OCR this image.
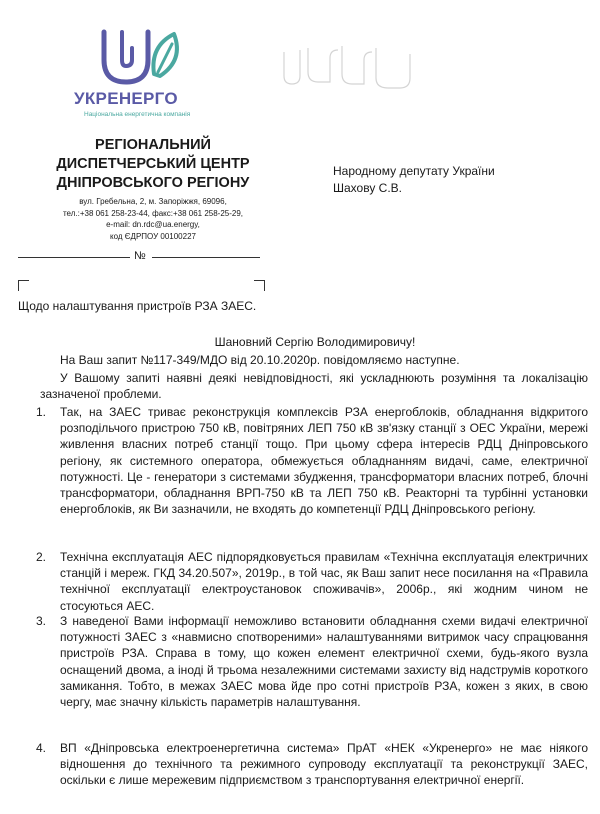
УКРЕНЕРГО
Національна енергетична компанія
РЕГІОНАЛЬНИЙ
ДИСПЕТЧЕРСЬКИЙ ЦЕНТР
ДНІПРОВСЬКОГО РЕГІОНУ
вул. Гребельна, 2, м. Запоріжжя, 69096,
тел.:+38 061 258-23-44, факс:+38 061 258-25-29,
e-mail: dn.rdc@ua.energy,
код ЄДРПОУ 00100227
Народному депутату України
Шахову С.В.
№
Щодо налаштування пристроїв РЗА ЗАЕС.
Шановний Сергію Володимировичу!
На Ваш запит №117-349/МДО від 20.10.2020р. повідомляємо наступне.
У Вашому запиті наявні деякі невідповідності, які ускладнюють розуміння та локалізацію зазначеної проблеми.
1.	Так, на ЗАЕС триває реконструкція комплексів РЗА енергоблоків, обладнання відкритого розподільчого пристрою 750 кВ, повітряних ЛЕП 750 кВ зв'язку станції з ОЕС України, мережі живлення власних потреб станції тощо. При цьому сфера інтересів РДЦ Дніпровського регіону, як системного оператора, обмежується обладнанням видачі, саме, електричної потужності. Це - генератори з системами збудження, трансформатори власних потреб, блочні трансформатори, обладнання ВРП-750 кВ та ЛЕП 750 кВ. Реакторні та турбінні установки енергоблоків, як Ви зазначили, не входять до компетенції РДЦ Дніпровського регіону.
2.	Технічна експлуатація АЕС підпорядковується правилам «Технічна експлуатація електричних станцій і мереж. ГКД 34.20.507», 2019р., в той час, як Ваш запит несе посилання на «Правила технічної експлуатації електроустановок споживачів», 2006р., які жодним чином не стосуються АЕС.
3.	З наведеної Вами інформації неможливо встановити обладнання схеми видачі електричної потужності ЗАЕС з «навмисно спотвореними» налаштуваннями витримок часу спрацювання пристроїв РЗА. Справа в тому, що кожен елемент електричної схеми, будь-якого вузла оснащений двома, а іноді й трьома незалежними системами захисту від надструмів короткого замикання. Тобто, в межах ЗАЕС мова йде про сотні пристроїв РЗА, кожен з яких, в свою чергу, має значну кількість параметрів налаштування.
4.	ВП «Дніпровська електроенергетична система» ПрАТ «НЕК «Укренерго» не має ніякого відношення до технічного та режимного супроводу експлуатації та реконструкції ЗАЕС, оскільки є лише мережевим підприємством з транспортування електричної енергії.
